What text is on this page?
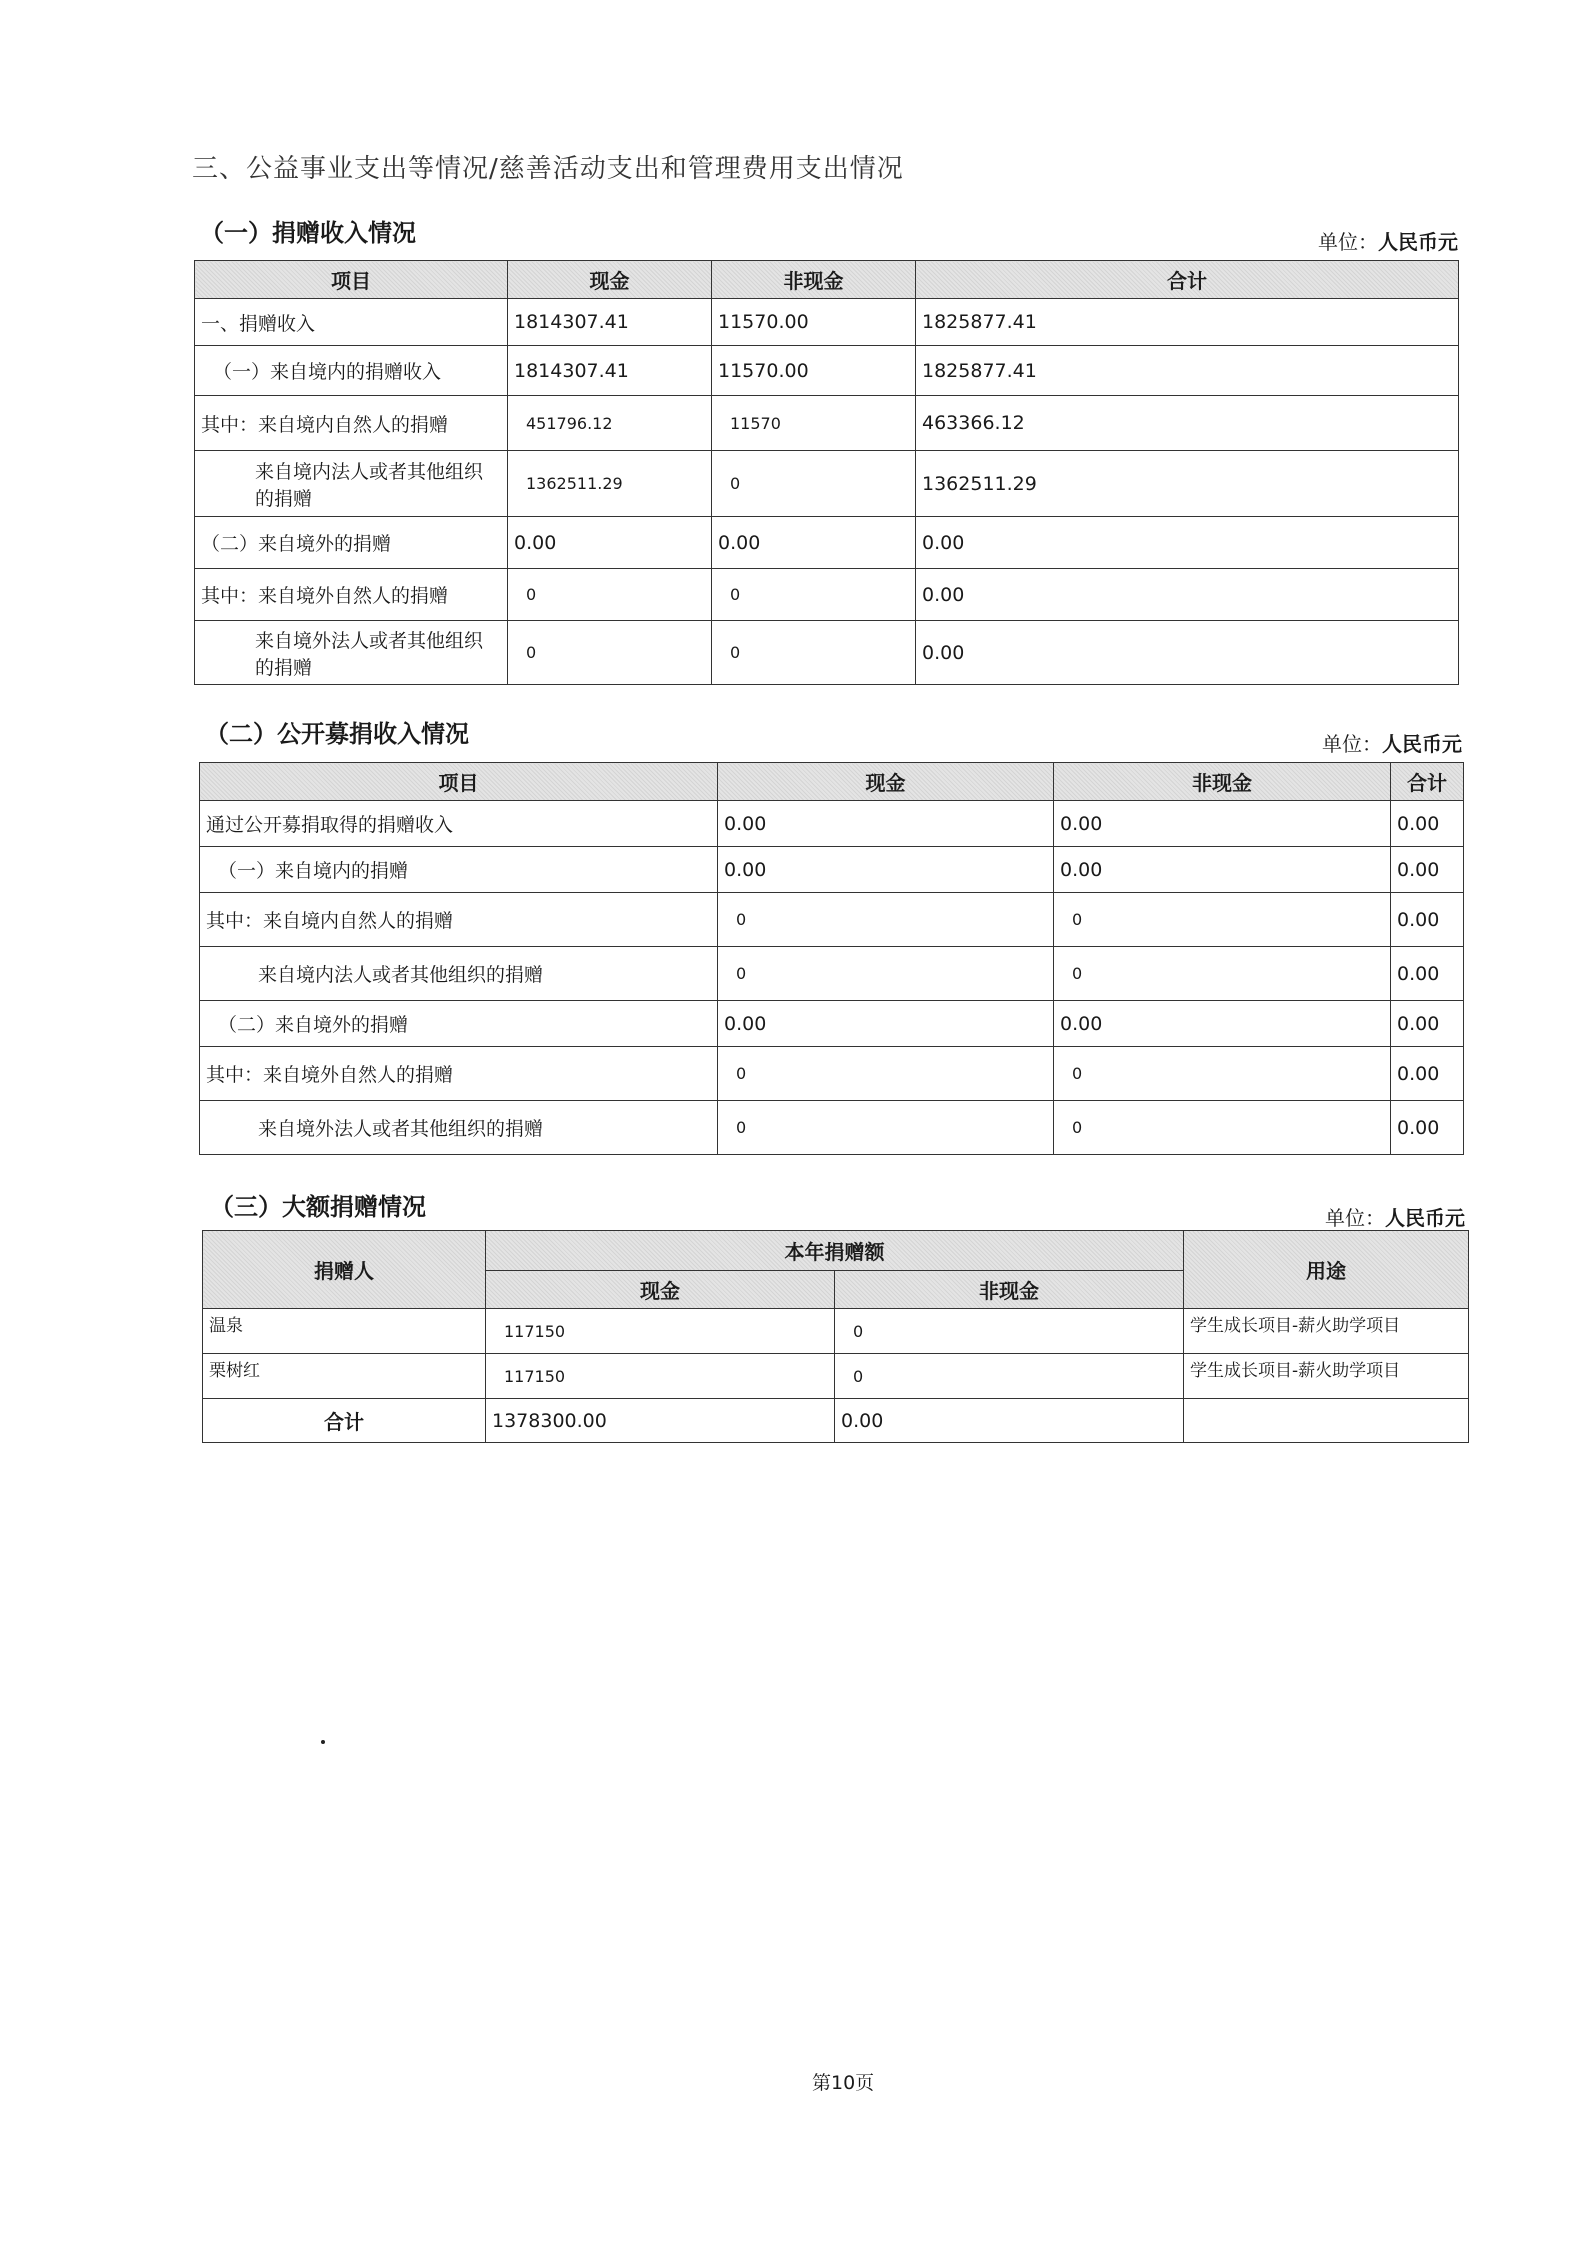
三、公益事业支出等情况/慈善活动支出和管理费用支出情况
（一）捐赠收入情况	单位：人民币元
项目	现金	非现金	合计
一、捐赠收入	1814307.41	11570.00	1825877.41
（一）来自境内的捐赠收入	1814307.41	11570.00	1825877.41
其中：来自境内自然人的捐赠	451796.12	11570	463366.12
来自境内法人或者其他组织的捐赠	1362511.29	0	1362511.29
（二）来自境外的捐赠	0.00	0.00	0.00
其中：来自境外自然人的捐赠	0	0	0.00
来自境外法人或者其他组织的捐赠	0	0	0.00
（二）公开募捐收入情况	单位：人民币元
项目	现金	非现金	合计
通过公开募捐取得的捐赠收入	0.00	0.00	0.00
（一）来自境内的捐赠	0.00	0.00	0.00
其中：来自境内自然人的捐赠	0	0	0.00
来自境内法人或者其他组织的捐赠	0	0	0.00
（二）来自境外的捐赠	0.00	0.00	0.00
其中：来自境外自然人的捐赠	0	0	0.00
来自境外法人或者其他组织的捐赠	0	0	0.00
（三）大额捐赠情况	单位：人民币元
捐赠人	本年捐赠额		用途
	现金	非现金	
温泉	117150	0	学生成长项目-薪火助学项目
栗树红	117150	0	学生成长项目-薪火助学项目
合计	1378300.00	0.00	
第10页
